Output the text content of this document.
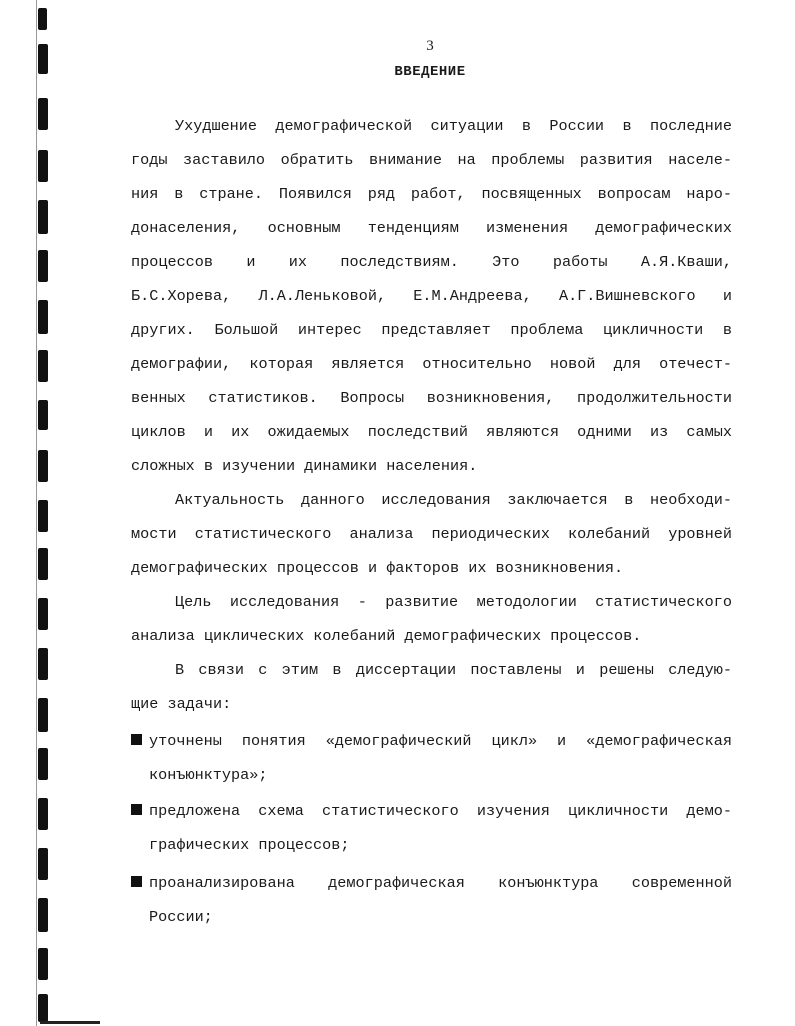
3
ВВЕДЕНИЕ
Ухудшение демографической ситуации в России в последние
годы заставило обратить внимание на проблемы развития населе-
ния в стране. Появился ряд работ, посвященных вопросам наро-
донаселения, основным тенденциям изменения демографических
процессов и их последствиям. Это работы А.Я.Кваши,
Б.С.Хорева, Л.А.Леньковой, Е.М.Андреева, А.Г.Вишневского и
других. Большой интерес представляет проблема цикличности в
демографии, которая является относительно новой для отечест-
венных статистиков. Вопросы возникновения, продолжительности
циклов и их ожидаемых последствий являются одними из самых
сложных в изучении динамики населения.
Актуальность данного исследования заключается в необходи-
мости статистического анализа периодических колебаний уровней
демографических процессов и факторов их возникновения.
Цель исследования - развитие методологии статистического
анализа циклических колебаний демографических процессов.
В связи с этим в диссертации поставлены и решены следую-
щие задачи:
уточнены понятия «демографический цикл» и «демографическая
конъюнктура»;
предложена схема статистического изучения цикличности демо-
графических процессов;
проанализирована демографическая конъюнктура современной
России;
